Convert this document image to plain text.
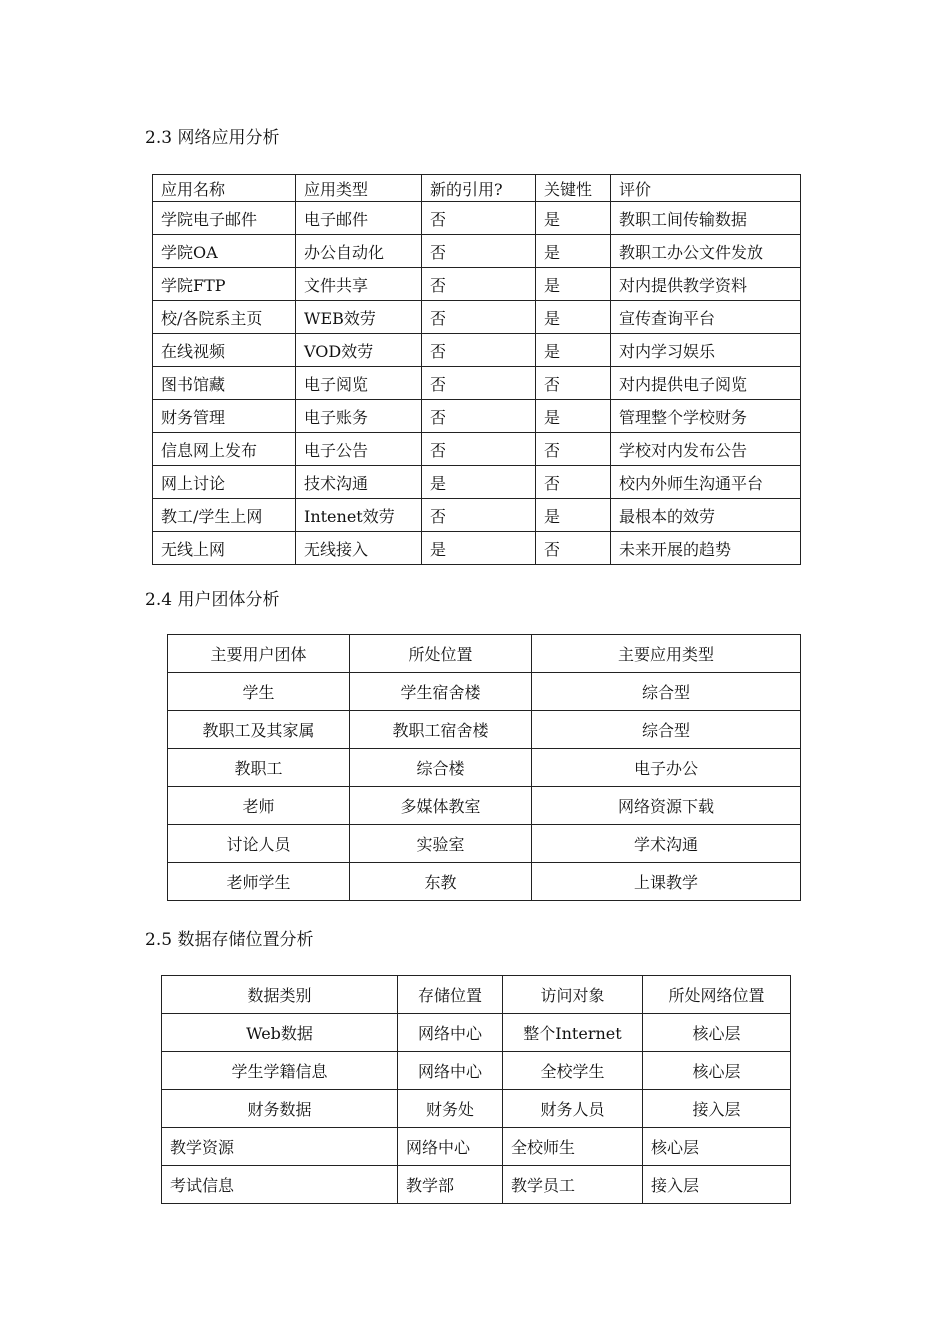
2.3 网络应用分析
应用名称	应用类型	新的引用?	关键性	评价
学院电子邮件	电子邮件	否	是	教职工间传输数据
学院OA	办公自动化	否	是	教职工办公文件发放
学院FTP	文件共享	否	是	对内提供教学资料
校/各院系主页	WEB效劳	否	是	宣传查询平台
在线视频	VOD效劳	否	是	对内学习娱乐
图书馆藏	电子阅览	否	否	对内提供电子阅览
财务管理	电子账务	否	是	管理整个学校财务
信息网上发布	电子公告	否	否	学校对内发布公告
网上讨论	技术沟通	是	否	校内外师生沟通平台
教工/学生上网	Intenet效劳	否	是	最根本的效劳
无线上网	无线接入	是	否	未来开展的趋势
2.4 用户团体分析
主要用户团体	所处位置	主要应用类型
学生	学生宿舍楼	综合型
教职工及其家属	教职工宿舍楼	综合型
教职工	综合楼	电子办公
老师	多媒体教室	网络资源下载
讨论人员	实验室	学术沟通
老师学生	东教	上课教学
2.5 数据存储位置分析
数据类别	存储位置	访问对象	所处网络位置
Web数据	网络中心	整个Internet	核心层
学生学籍信息	网络中心	全校学生	核心层
财务数据	财务处	财务人员	接入层
教学资源	网络中心	全校师生	核心层
考试信息	教学部	教学员工	接入层
